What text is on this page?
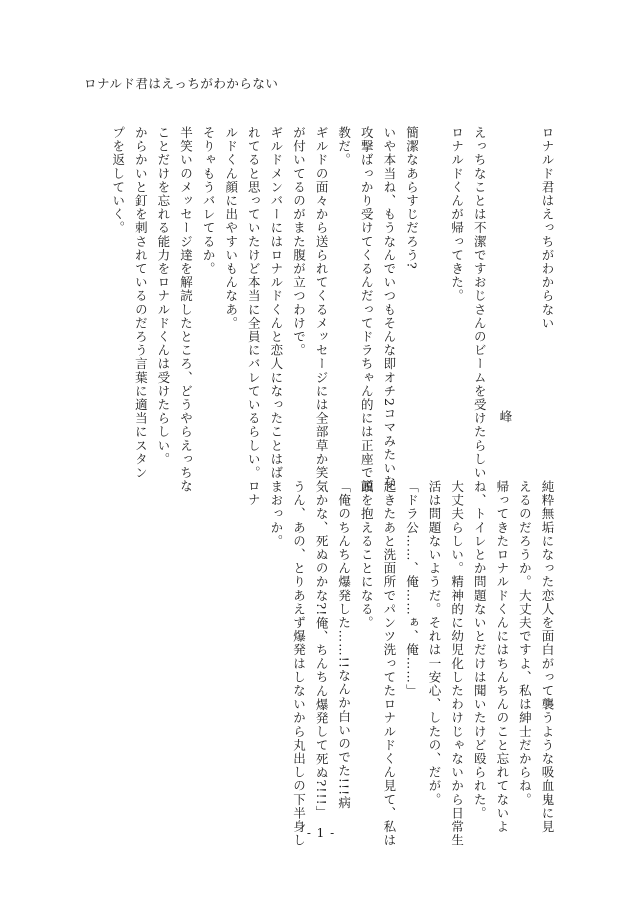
ロナルド君はえっちがわからない
ロナルド君はえっちがわからない

えっちなことは不潔ですおじさんのビームを受けたらしい
ロナルドくんが帰ってきた。

簡潔なあらすじだろう?
いや本当ね、もうなんでいつもそんな即オチ2コマみたいな
攻撃ばっかり受けてくるんだってドラちゃん的には正座で説
教だ。
ギルドの面々から送られてくるメッセージには全部草か笑
が付いてるのがまた腹が立つわけで。
ギルドメンバーにはロナルドくんと恋人になったことはば
れてると思っていたけど本当に全員にバレているらしい。ロナ
ルドくん顔に出やすいもんなあ。
そりゃもうバレてるか。
半笑いのメッセージ達を解読したところ、どうやらえっちな
ことだけを忘れる能力をロナルドくんは受けたらしい。
からかいと釘を刺されているのだろう言葉に適当にスタン
プを返していく。
峰
純粋無垢になった恋人を面白がって襲うような吸血鬼に見
えるのだろうか。大丈夫ですよ、私は紳士だからね。
帰ってきたロナルドくんにはちんちんのこと忘れてないよ
ね、トイレとか問題ないとだけは聞いたけど殴られた。
大丈夫らしい。精神的に幼児化したわけじゃないから日常生
活は問題ないようだ。それは一安心、したの、だが。
「ドラ公……、俺……ぁ、俺……」
起きたあと洗面所でパンツ洗ってたロナルドくん見て、私は
頭を抱えることになる。
「俺のちんちん爆発した……!!なんか白いのでた!!!病
気かな、死ぬのかな?!俺、ちんちん爆発して死ぬ?!!!」
うん、あの、とりあえず爆発はしないから丸出しの下半身し
まおっか。
- 1 -
